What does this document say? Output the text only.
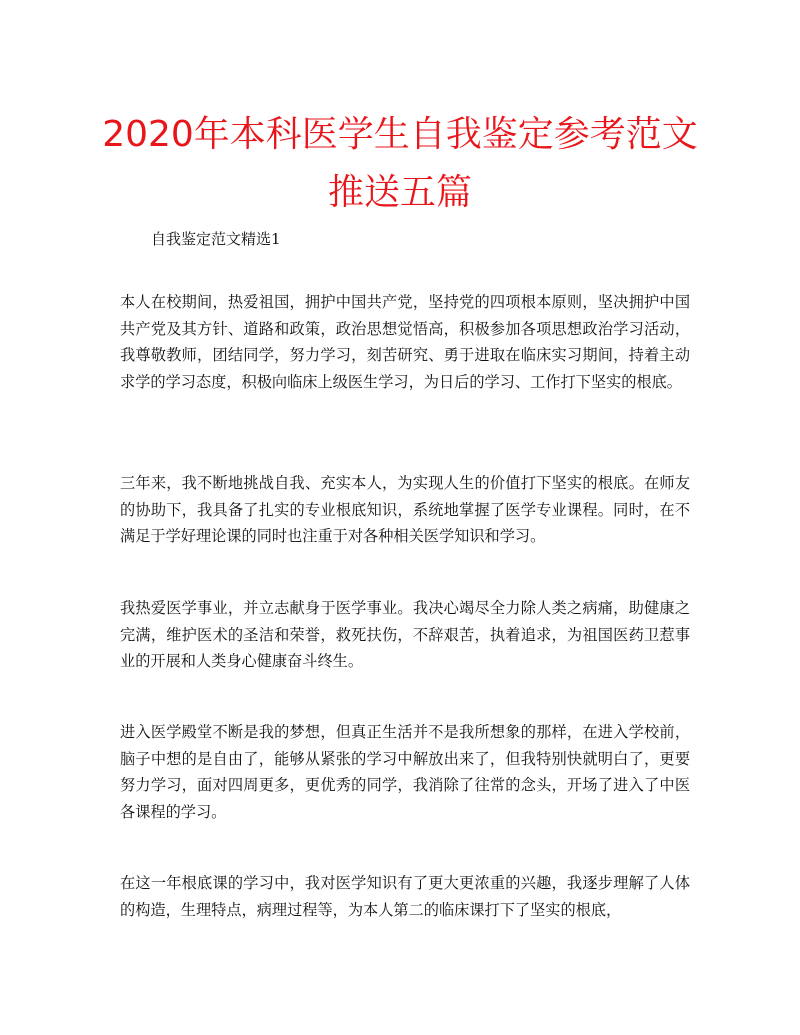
2020年本科医学生自我鉴定参考范文推送五篇

自我鉴定范文精选1

本人在校期间，热爱祖国，拥护中国共产党，坚持党的四项根本原则，坚决拥护中国共产党及其方针、道路和政策，政治思想觉悟高，积极参加各项思想政治学习活动，我尊敬教师，团结同学，努力学习，刻苦研究、勇于进取在临床实习期间，持着主动求学的学习态度，积极向临床上级医生学习，为日后的学习、工作打下坚实的根底。

三年来，我不断地挑战自我、充实本人，为实现人生的价值打下坚实的根底。在师友的协助下，我具备了扎实的专业根底知识，系统地掌握了医学专业课程。同时，在不满足于学好理论课的同时也注重于对各种相关医学知识和学习。

我热爱医学事业，并立志献身于医学事业。我决心竭尽全力除人类之病痛，助健康之完满，维护医术的圣洁和荣誉，救死扶伤，不辞艰苦，执着追求，为祖国医药卫惹事业的开展和人类身心健康奋斗终生。

进入医学殿堂不断是我的梦想，但真正生活并不是我所想象的那样，在进入学校前，脑子中想的是自由了，能够从紧张的学习中解放出来了，但我特别快就明白了，更要努力学习，面对四周更多，更优秀的同学，我消除了往常的念头，开场了进入了中医各课程的学习。

在这一年根底课的学习中，我对医学知识有了更大更浓重的兴趣，我逐步理解了人体的构造，生理特点，病理过程等，为本人第二的临床课打下了坚实的根底，
